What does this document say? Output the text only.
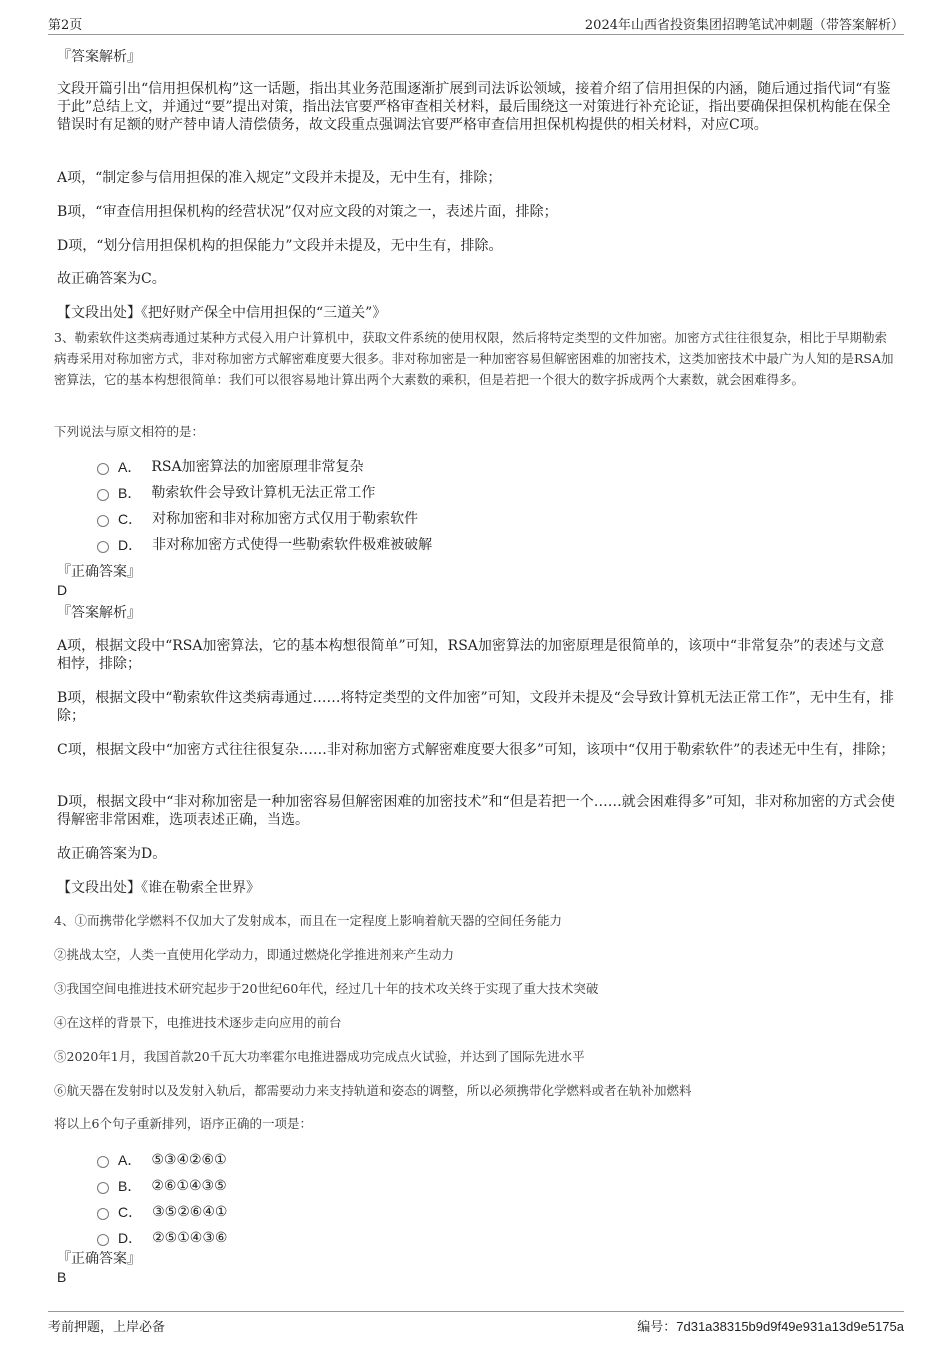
第2页	2024年山西省投资集团招聘笔试冲刺题（带答案解析）
『答案解析』

文段开篇引出“信用担保机构”这一话题，指出其业务范围逐渐扩展到司法诉讼领域，接着介绍了信用担保的内涵，随后通过指代词“有鉴于此”总结上文，并通过“要”提出对策，指出法官要严格审查相关材料，最后围绕这一对策进行补充论证，指出要确保担保机构能在保全错误时有足额的财产替申请人清偿债务，故文段重点强调法官要严格审查信用担保机构提供的相关材料，对应C项。

A项，“制定参与信用担保的准入规定”文段并未提及，无中生有，排除；

B项，“审查信用担保机构的经营状况”仅对应文段的对策之一，表述片面，排除；

D项，“划分信用担保机构的担保能力”文段并未提及，无中生有，排除。

故正确答案为C。

【文段出处】《把好财产保全中信用担保的“三道关”》

3、勒索软件这类病毒通过某种方式侵入用户计算机中，获取文件系统的使用权限，然后将特定类型的文件加密。加密方式往往很复杂，相比于早期勒索病毒采用对称加密方式，非对称加密方式解密难度要大很多。非对称加密是一种加密容易但解密困难的加密技术，这类加密技术中最广为人知的是RSA加密算法，它的基本构想很简单：我们可以很容易地计算出两个大素数的乘积，但是若把一个很大的数字拆成两个大素数，就会困难得多。

下列说法与原文相符的是：

A． RSA加密算法的加密原理非常复杂
B． 勒索软件会导致计算机无法正常工作
C． 对称加密和非对称加密方式仅用于勒索软件
D． 非对称加密方式使得一些勒索软件极难被破解
『正确答案』
D
『答案解析』

A项，根据文段中“RSA加密算法，它的基本构想很简单”可知，RSA加密算法的加密原理是很简单的，该项中“非常复杂”的表述与文意相悖，排除；

B项，根据文段中“勒索软件这类病毒通过……将特定类型的文件加密”可知，文段并未提及“会导致计算机无法正常工作”，无中生有，排除；

C项，根据文段中“加密方式往往很复杂……非对称加密方式解密难度要大很多”可知，该项中“仅用于勒索软件”的表述无中生有，排除；

D项，根据文段中“非对称加密是一种加密容易但解密困难的加密技术”和“但是若把一个……就会困难得多”可知，非对称加密的方式会使得解密非常困难，选项表述正确，当选。

故正确答案为D。

【文段出处】《谁在勒索全世界》

4、①而携带化学燃料不仅加大了发射成本，而且在一定程度上影响着航天器的空间任务能力

②挑战太空，人类一直使用化学动力，即通过燃烧化学推进剂来产生动力

③我国空间电推进技术研究起步于20世纪60年代，经过几十年的技术攻关终于实现了重大技术突破

④在这样的背景下，电推进技术逐步走向应用的前台

⑤2020年1月，我国首款20千瓦大功率霍尔电推进器成功完成点火试验，并达到了国际先进水平

⑥航天器在发射时以及发射入轨后，都需要动力来支持轨道和姿态的调整，所以必须携带化学燃料或者在轨补加燃料

将以上6个句子重新排列，语序正确的一项是：

A． ⑤③④②⑥①
B． ②⑥①④③⑤
C． ③⑤②⑥④①
D． ②⑤①④③⑥
『正确答案』
B
考前押题，上岸必备	编号：7d31a38315b9d9f49e931a13d9e5175a
